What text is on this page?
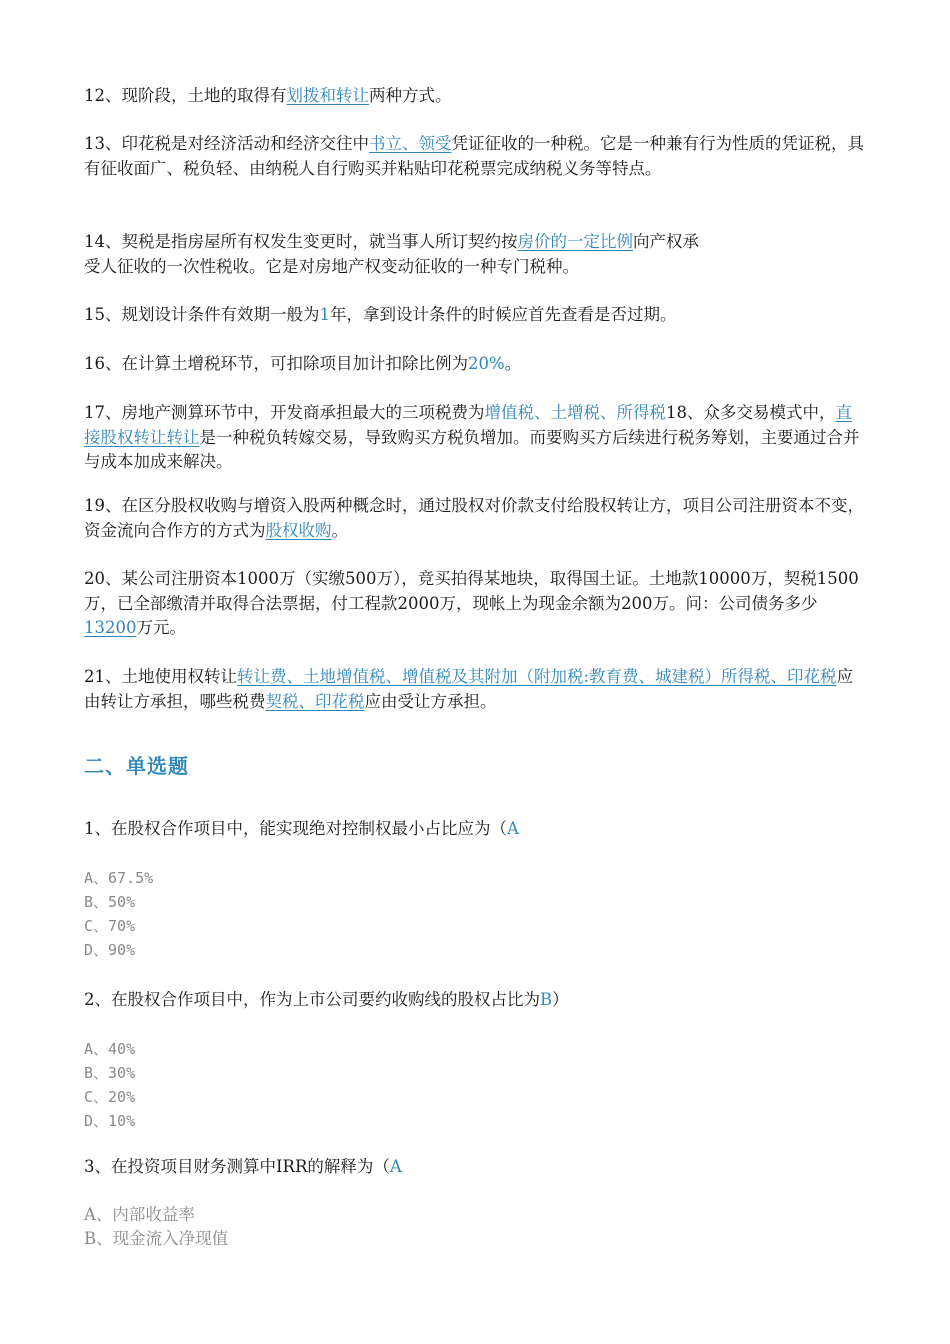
12、现阶段，土地的取得有划拨和转让两种方式。

13、印花税是对经济活动和经济交往中书立、领受凭证征收的一种税。它是一种兼有行为性质的凭证税，具有征收面广、税负轻、由纳税人自行购买并粘贴印花税票完成纳税义务等特点。

14、契税是指房屋所有权发生变更时，就当事人所订契约按房价的一定比例向产权承
受人征收的一次性税收。它是对房地产权变动征收的一种专门税种。

15、规划设计条件有效期一般为1年，拿到设计条件的时候应首先查看是否过期。

16、在计算土增税环节，可扣除项目加计扣除比例为20%。

17、房地产测算环节中，开发商承担最大的三项税费为增值税、土增税、所得税18、众多交易模式中，直接股权转让转让是一种税负转嫁交易，导致购买方税负增加。而要购买方后续进行税务筹划，主要通过合并与成本加成来解决。

19、在区分股权收购与增资入股两种概念时，通过股权对价款支付给股权转让方，项目公司注册资本不变，资金流向合作方的方式为股权收购。

20、某公司注册资本1000万（实缴500万），竞买拍得某地块，取得国土证。土地款10000万，契税1500万，已全部缴清并取得合法票据，付工程款2000万，现帐上为现金余额为200万。问：公司债务多少13200万元。

21、土地使用权转让转让费、土地增值税、增值税及其附加（附加税:教育费、城建税）所得税、印花税应由转让方承担，哪些税费契税、印花税应由受让方承担。

二、单选题

1、在股权合作项目中，能实现绝对控制权最小占比应为（A

A、67.5%

B、50%

C、70%

D、90%

2、在股权合作项目中，作为上市公司要约收购线的股权占比为B）

A、40%

B、30%

C、20%

D、10%

3、在投资项目财务测算中IRR的解释为（A

A、内部收益率

B、现金流入净现值
